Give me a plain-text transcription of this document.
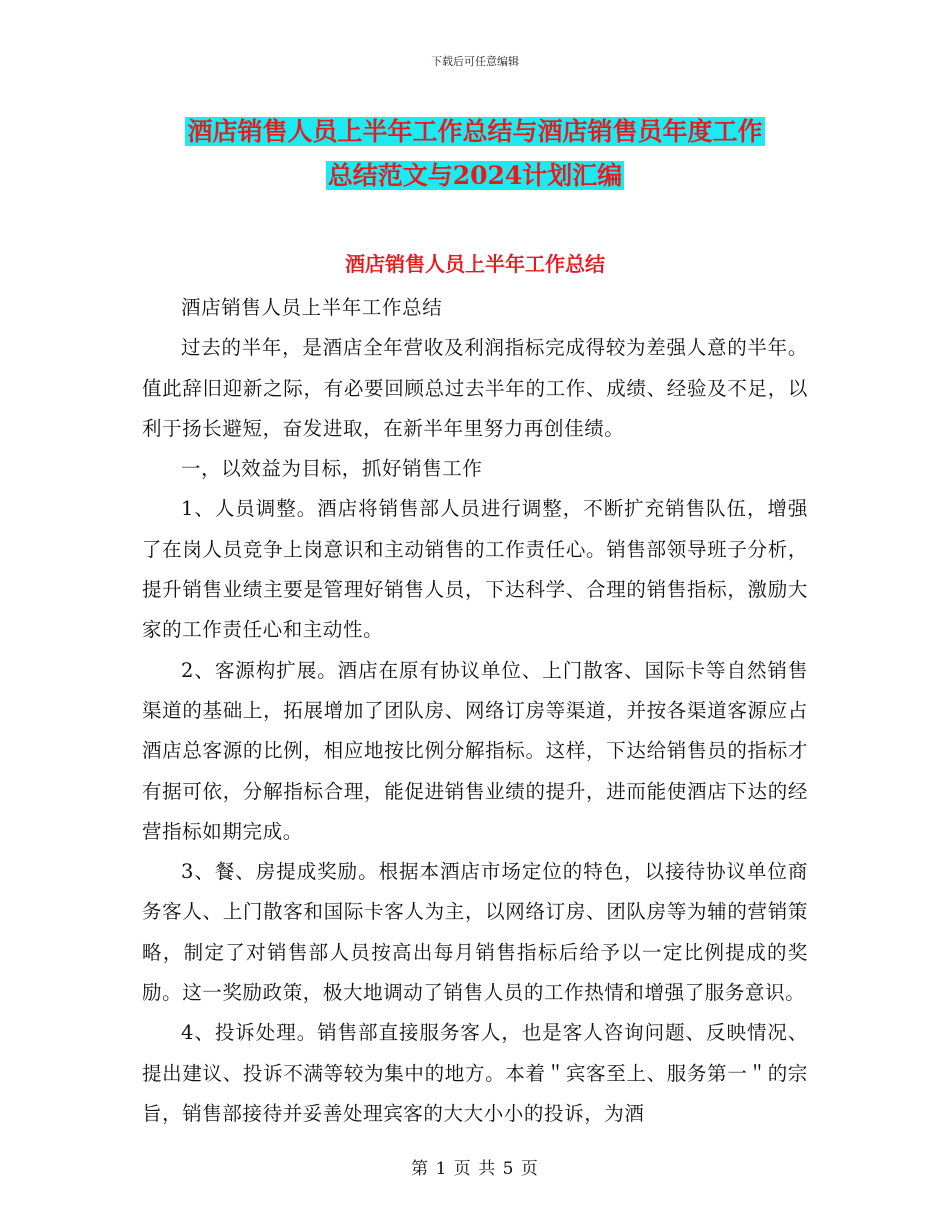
下载后可任意编辑
酒店销售人员上半年工作总结与酒店销售员年度工作
总结范文与2024计划汇编
酒店销售人员上半年工作总结

酒店销售人员上半年工作总结

过去的半年，是酒店全年营收及利润指标完成得较为差强人意的半年。值此辞旧迎新之际，有必要回顾总过去半年的工作、成绩、经验及不足，以利于扬长避短，奋发进取，在新半年里努力再创佳绩。

一，以效益为目标，抓好销售工作

1、人员调整。酒店将销售部人员进行调整，不断扩充销售队伍，增强了在岗人员竞争上岗意识和主动销售的工作责任心。销售部领导班子分析，提升销售业绩主要是管理好销售人员，下达科学、合理的销售指标，激励大家的工作责任心和主动性。

2、客源构扩展。酒店在原有协议单位、上门散客、国际卡等自然销售渠道的基础上，拓展增加了团队房、网络订房等渠道，并按各渠道客源应占酒店总客源的比例，相应地按比例分解指标。这样，下达给销售员的指标才有据可依，分解指标合理，能促进销售业绩的提升，进而能使酒店下达的经营指标如期完成。

3、餐、房提成奖励。根据本酒店市场定位的特色，以接待协议单位商务客人、上门散客和国际卡客人为主，以网络订房、团队房等为辅的营销策略，制定了对销售部人员按高出每月销售指标后给予以一定比例提成的奖励。这一奖励政策，极大地调动了销售人员的工作热情和增强了服务意识。

4、投诉处理。销售部直接服务客人，也是客人咨询问题、反映情况、提出建议、投诉不满等较为集中的地方。本着＂宾客至上、服务第一＂的宗旨，销售部接待并妥善处理宾客的大大小小的投诉，为酒

第 1 页 共 5 页
